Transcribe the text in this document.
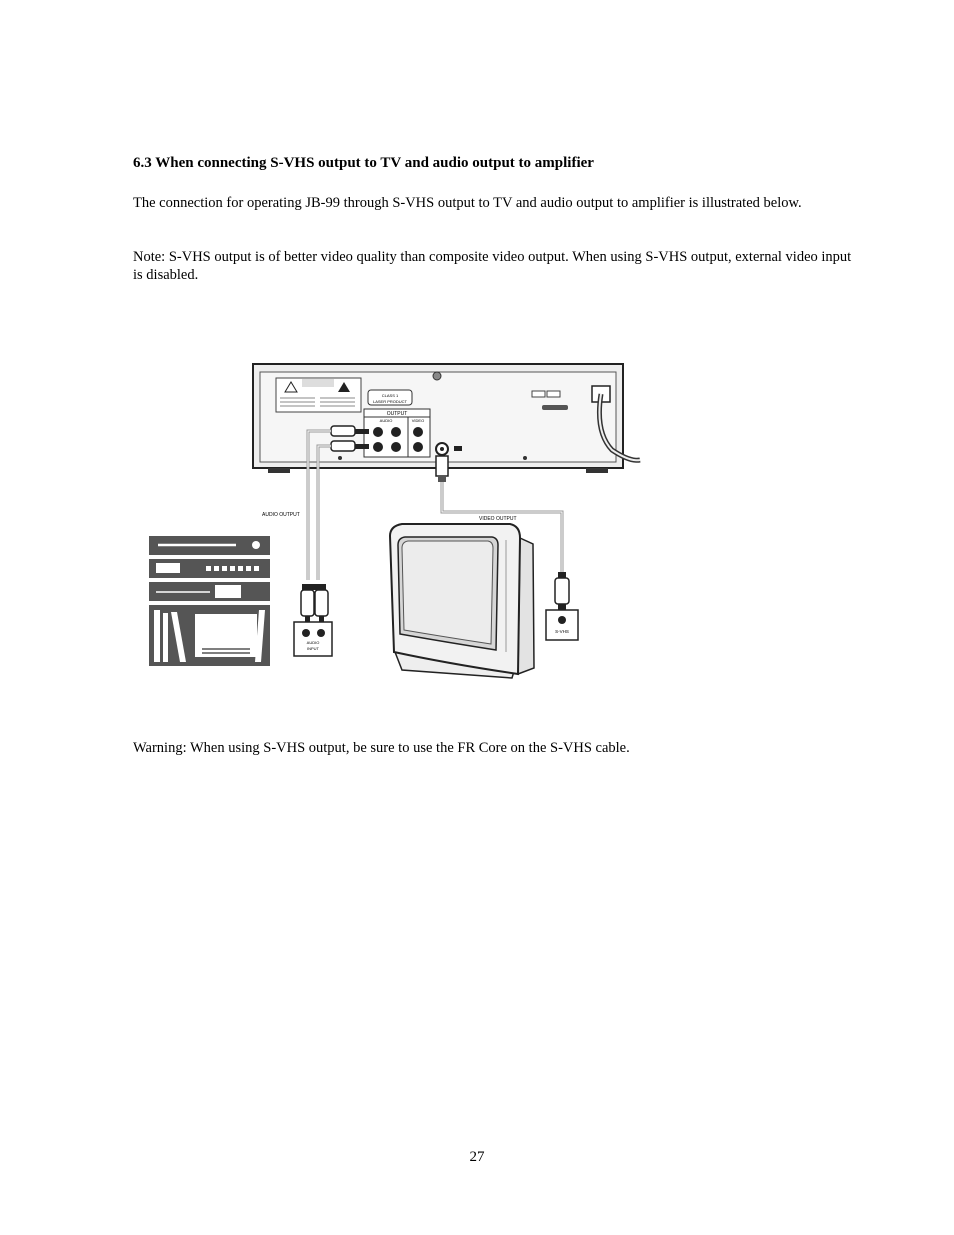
6.3 When connecting S-VHS output to TV and audio output to amplifier

The connection for operating JB-99 through S-VHS output to TV and audio output to amplifier is illustrated below.

Note: S-VHS output is of better video quality than composite video output. When using S-VHS output, external video input is disabled.

CLASS 1
LASER PRODUCT
OUTPUT
AUDIO	VIDEO
AUDIO OUTPUT
VIDEO OUTPUT
AUDIO
INPUT
S-VHS

Warning: When using S-VHS output, be sure to use the FR Core on the S-VHS cable.

27
